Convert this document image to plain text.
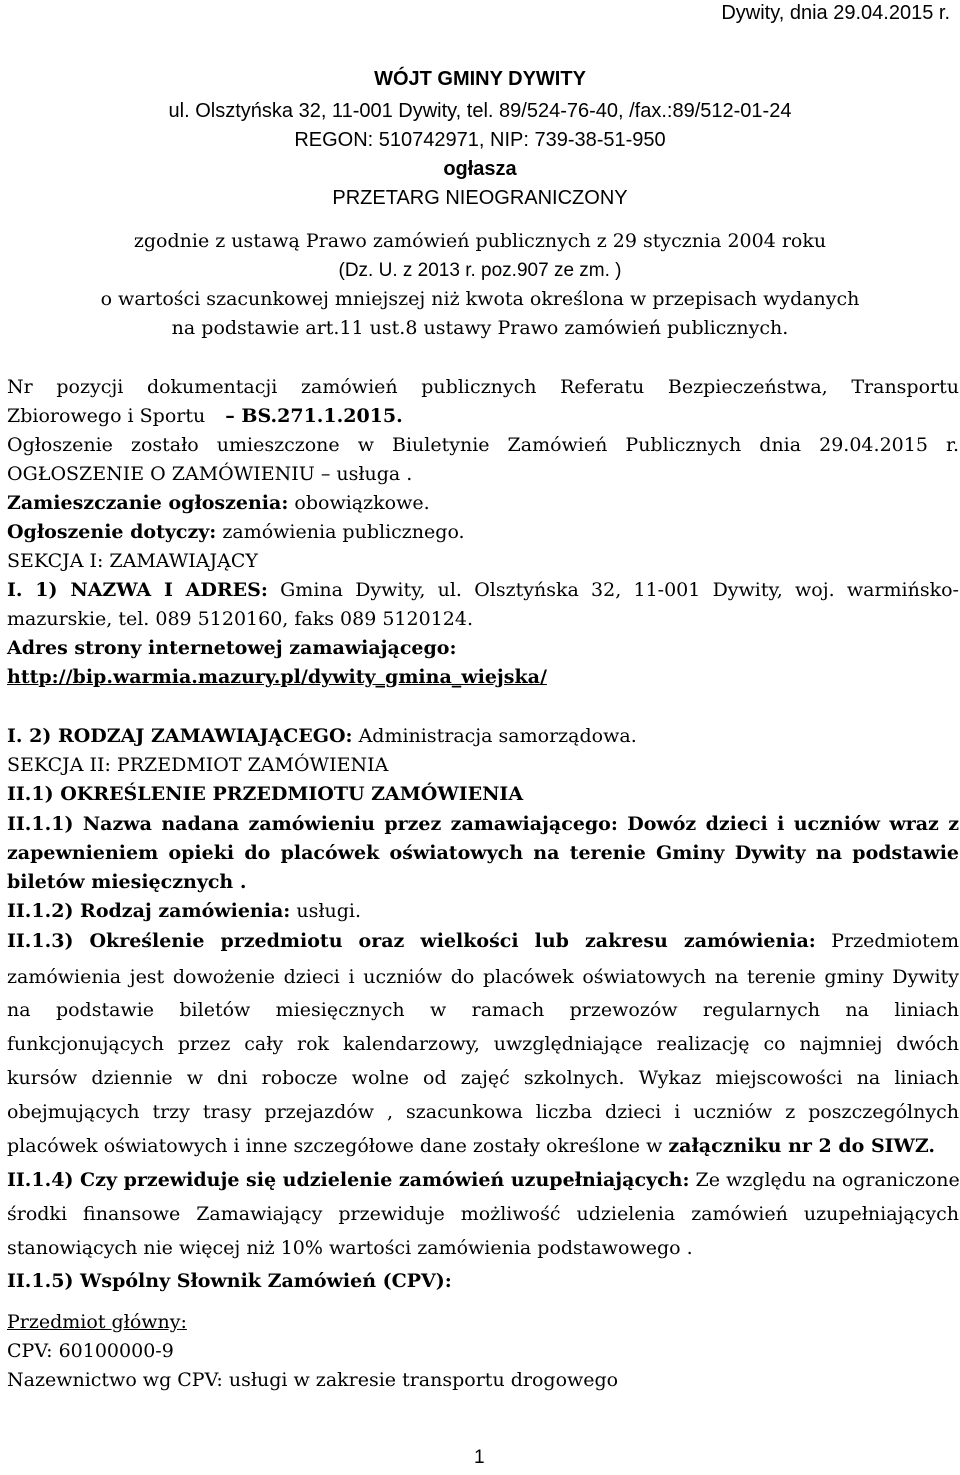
Dywity, dnia 29.04.2015 r.
WÓJT GMINY DYWITY
ul. Olsztyńska 32, 11-001 Dywity, tel. 89/524-76-40, /fax.:89/512-01-24
REGON: 510742971, NIP: 739-38-51-950
ogłasza
PRZETARG NIEOGRANICZONY
zgodnie z ustawą Prawo zamówień publicznych z 29 stycznia 2004 roku
(Dz. U. z 2013 r. poz.907 ze zm. )
o wartości szacunkowej mniejszej niż kwota określona w przepisach wydanych
na podstawie art.11 ust.8 ustawy Prawo zamówień publicznych.
Nr pozycji dokumentacji zamówień publicznych Referatu Bezpieczeństwa, Transportu
Zbiorowego i Sportu – BS.271.1.2015.
Ogłoszenie zostało umieszczone w Biuletynie Zamówień Publicznych dnia 29.04.2015 r.
OGŁOSZENIE O ZAMÓWIENIU – usługa .
Zamieszczanie ogłoszenia: obowiązkowe.
Ogłoszenie dotyczy: zamówienia publicznego.
SEKCJA I: ZAMAWIAJĄCY
I. 1) NAZWA I ADRES: Gmina Dywity, ul. Olsztyńska 32, 11-001 Dywity, woj. warmińsko-
mazurskie, tel. 089 5120160, faks 089 5120124.
Adres strony internetowej zamawiającego:
http://bip.warmia.mazury.pl/dywity_gmina_wiejska/
I. 2) RODZAJ ZAMAWIAJĄCEGO: Administracja samorządowa.
SEKCJA II: PRZEDMIOT ZAMÓWIENIA
II.1) OKREŚLENIE PRZEDMIOTU ZAMÓWIENIA
II.1.1) Nazwa nadana zamówieniu przez zamawiającego: Dowóz dzieci i uczniów wraz z
zapewnieniem opieki do placówek oświatowych na terenie Gminy Dywity na podstawie
biletów miesięcznych .
II.1.2) Rodzaj zamówienia: usługi.
II.1.3) Określenie przedmiotu oraz wielkości lub zakresu zamówienia: Przedmiotem
zamówienia jest dowożenie dzieci i uczniów do placówek oświatowych na terenie gminy Dywity
na podstawie biletów miesięcznych w ramach przewozów regularnych na liniach
funkcjonujących przez cały rok kalendarzowy, uwzględniające realizację co najmniej dwóch
kursów dziennie w dni robocze wolne od zajęć szkolnych. Wykaz miejscowości na liniach
obejmujących trzy trasy przejazdów , szacunkowa liczba dzieci i uczniów z poszczególnych
placówek oświatowych i inne szczegółowe dane zostały określone w załączniku nr 2 do SIWZ.
II.1.4) Czy przewiduje się udzielenie zamówień uzupełniających: Ze względu na ograniczone
środki finansowe Zamawiający przewiduje możliwość udzielenia zamówień uzupełniających
stanowiących nie więcej niż 10% wartości zamówienia podstawowego .
II.1.5) Wspólny Słownik Zamówień (CPV):
Przedmiot główny:
CPV: 60100000-9
Nazewnictwo wg CPV: usługi w zakresie transportu drogowego
1
